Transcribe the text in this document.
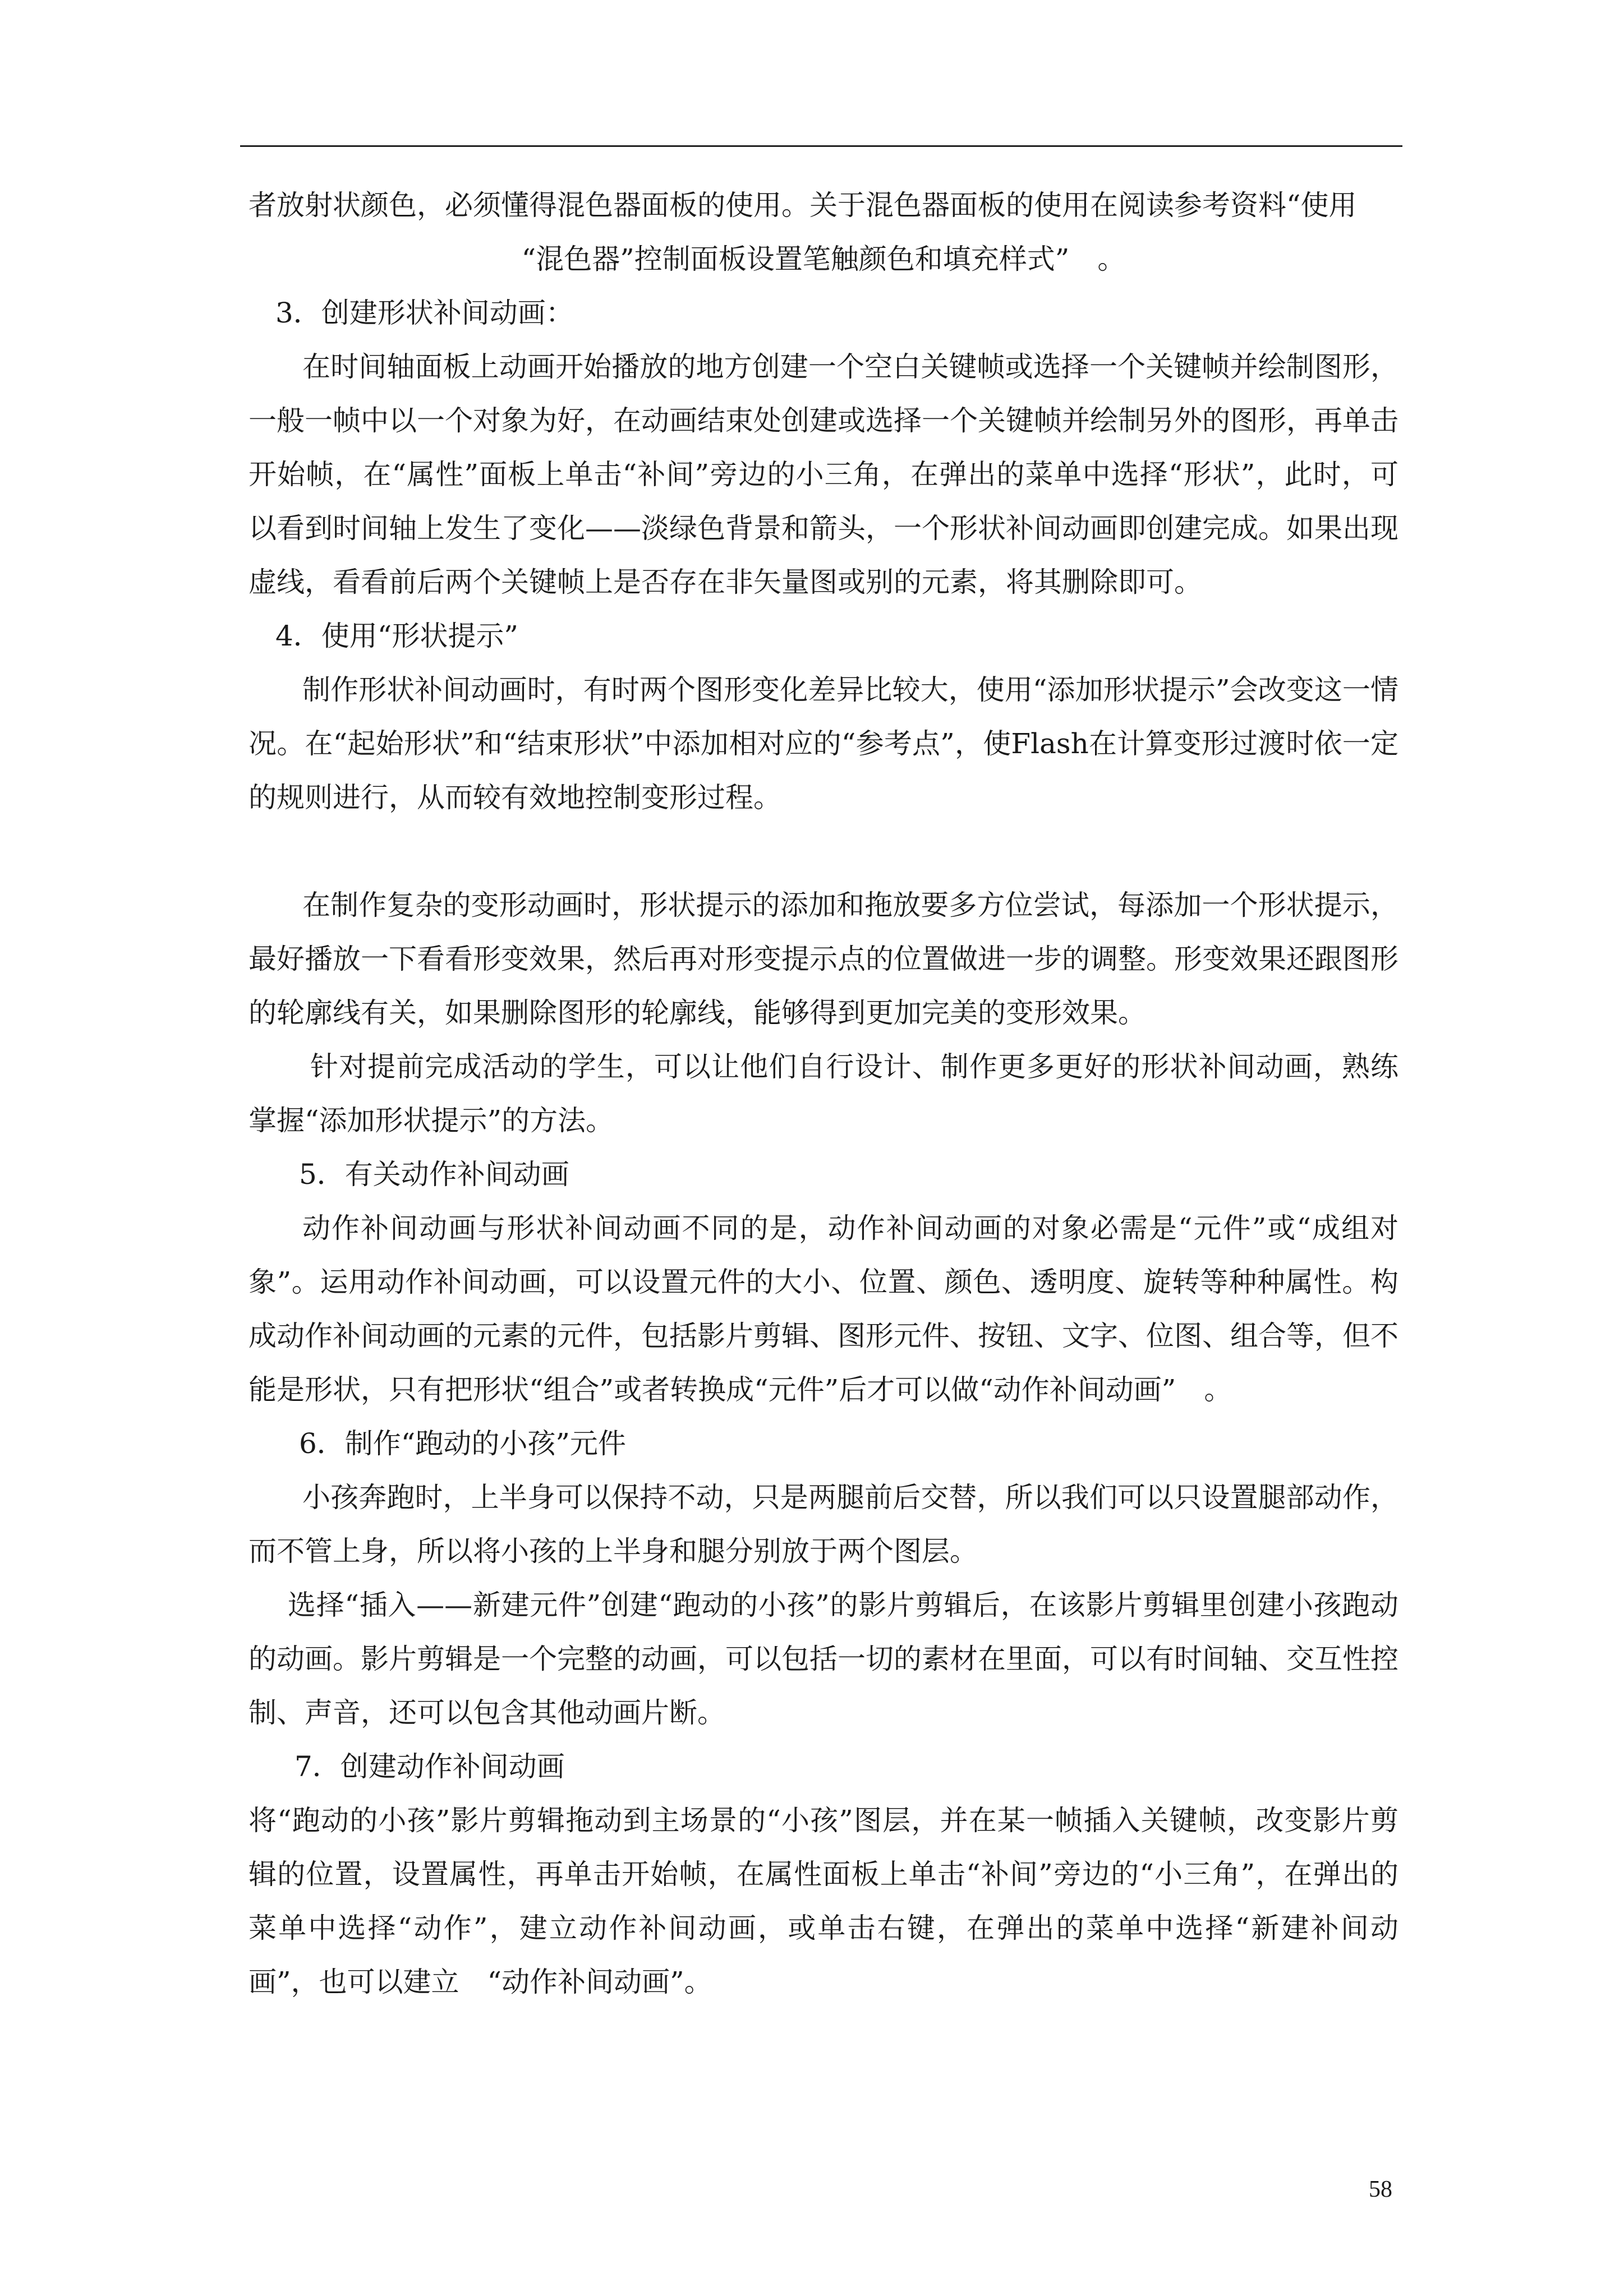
者放射状颜色，必须懂得混色器面板的使用。关于混色器面板的使用在阅读参考资料“使用

“混色器”控制面板设置笔触颜色和填充样式”　。

3．创建形状补间动画：

在时间轴面板上动画开始播放的地方创建一个空白关键帧或选择一个关键帧并绘制图形，一般一帧中以一个对象为好，在动画结束处创建或选择一个关键帧并绘制另外的图形，再单击开始帧，在“属性”面板上单击“补间”旁边的小三角，在弹出的菜单中选择“形状”，此时，可以看到时间轴上发生了变化——淡绿色背景和箭头，一个形状补间动画即创建完成。如果出现虚线，看看前后两个关键帧上是否存在非矢量图或别的元素，将其删除即可。

4．使用“形状提示”

制作形状补间动画时，有时两个图形变化差异比较大，使用“添加形状提示”会改变这一情况。在“起始形状”和“结束形状”中添加相对应的“参考点”，使Flash在计算变形过渡时依一定的规则进行，从而较有效地控制变形过程。

在制作复杂的变形动画时，形状提示的添加和拖放要多方位尝试，每添加一个形状提示，最好播放一下看看形变效果，然后再对形变提示点的位置做进一步的调整。形变效果还跟图形的轮廓线有关，如果删除图形的轮廓线，能够得到更加完美的变形效果。

针对提前完成活动的学生，可以让他们自行设计、制作更多更好的形状补间动画，熟练掌握“添加形状提示”的方法。

5．有关动作补间动画

动作补间动画与形状补间动画不同的是，动作补间动画的对象必需是“元件”或“成组对象”。运用动作补间动画，可以设置元件的大小、位置、颜色、透明度、旋转等种种属性。构成动作补间动画的元素的元件，包括影片剪辑、图形元件、按钮、文字、位图、组合等，但不能是形状，只有把形状“组合”或者转换成“元件”后才可以做“动作补间动画”　。

6．制作“跑动的小孩”元件

小孩奔跑时，上半身可以保持不动，只是两腿前后交替，所以我们可以只设置腿部动作，而不管上身，所以将小孩的上半身和腿分别放于两个图层。

选择“插入——新建元件”创建“跑动的小孩”的影片剪辑后，在该影片剪辑里创建小孩跑动的动画。影片剪辑是一个完整的动画，可以包括一切的素材在里面，可以有时间轴、交互性控制、声音，还可以包含其他动画片断。

7．创建动作补间动画

将“跑动的小孩”影片剪辑拖动到主场景的“小孩”图层，并在某一帧插入关键帧，改变影片剪辑的位置，设置属性，再单击开始帧，在属性面板上单击“补间”旁边的“小三角”，在弹出的菜单中选择“动作”，建立动作补间动画，或单击右键，在弹出的菜单中选择“新建补间动画”，也可以建立　“动作补间动画”。

58
